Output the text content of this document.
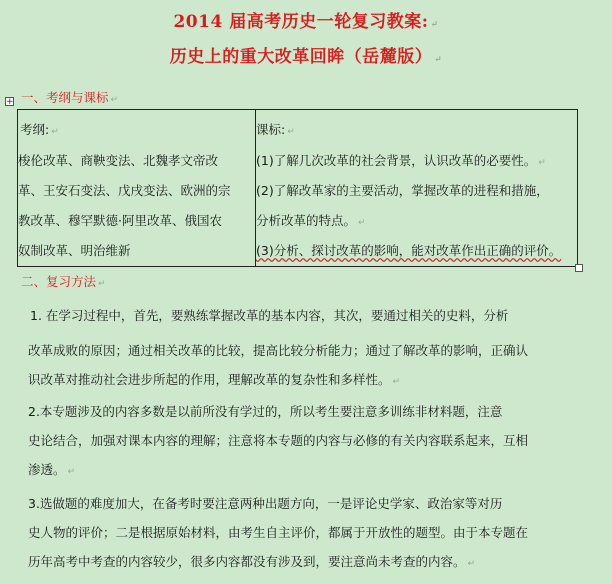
2014 届高考历史一轮复习教案: ↵
历史上的重大改革回眸（岳麓版） ↵
+ 一、考纲与课标 ↵
考纲: ↵
梭伦改革、商鞅变法、北魏孝文帝改
革、王安石变法、戊戌变法、欧洲的宗
教改革、穆罕默德·阿里改革、俄国农
奴制改革、明治维新
课标: ↵
(1)了解几次改革的社会背景，认识改革的必要性。 ↵
(2)了解改革家的主要活动，掌握改革的进程和措施，
分析改革的特点。 ↵
(3)分析、探讨改革的影响，能对改革作出正确的评价。
二、复习方法 ↵
1. 在学习过程中，首先，要熟练掌握改革的基本内容，其次，要通过相关的史料，分析
改革成败的原因；通过相关改革的比较，提高比较分析能力；通过了解改革的影响，正确认
识改革对推动社会进步所起的作用，理解改革的复杂性和多样性。 ↵
2.本专题涉及的内容多数是以前所没有学过的，所以考生要注意多训练非材料题，注意
史论结合，加强对课本内容的理解；注意将本专题的内容与必修的有关内容联系起来，互相
渗透。 ↵
3.选做题的难度加大，在备考时要注意两种出题方向，一是评论史学家、政治家等对历
史人物的评价；二是根据原始材料，由考生自主评价，都属于开放性的题型。由于本专题在
历年高考中考查的内容较少，很多内容都没有涉及到，要注意尚未考查的内容。 ↵
